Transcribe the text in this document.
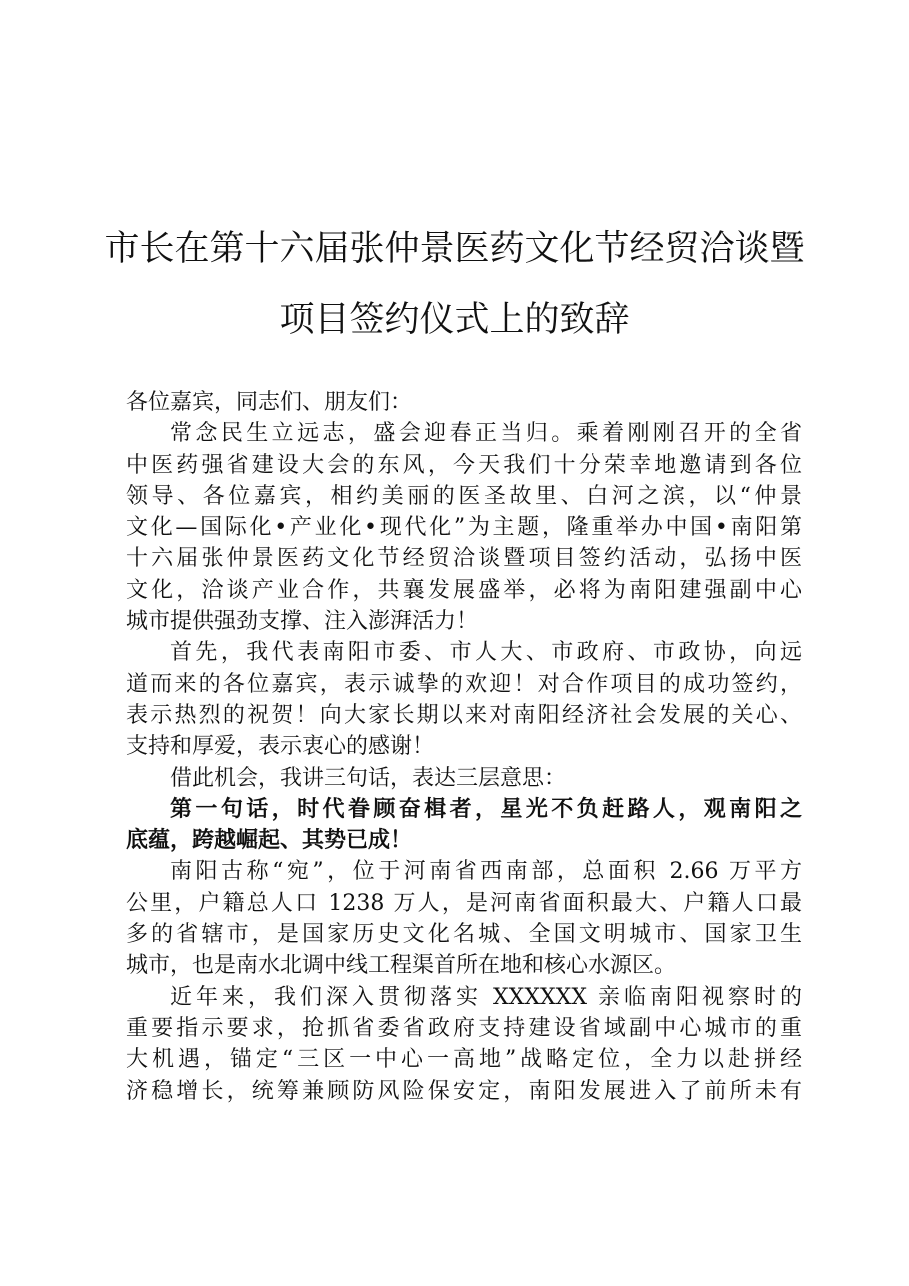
市长在第十六届张仲景医药文化节经贸洽谈暨
项目签约仪式上的致辞
各位嘉宾，同志们、朋友们：
常念民生立远志，盛会迎春正当归。乘着刚刚召开的全省
中医药强省建设大会的东风，今天我们十分荣幸地邀请到各位
领导、各位嘉宾，相约美丽的医圣故里、白河之滨，以“仲景
文化—国际化•产业化•现代化”为主题，隆重举办中国•南阳第
十六届张仲景医药文化节经贸洽谈暨项目签约活动，弘扬中医
文化，洽谈产业合作，共襄发展盛举，必将为南阳建强副中心
城市提供强劲支撑、注入澎湃活力！
首先，我代表南阳市委、市人大、市政府、市政协，向远
道而来的各位嘉宾，表示诚挚的欢迎！对合作项目的成功签约，
表示热烈的祝贺！向大家长期以来对南阳经济社会发展的关心、
支持和厚爱，表示衷心的感谢！
借此机会，我讲三句话，表达三层意思：
第一句话，时代眷顾奋楫者，星光不负赶路人，观南阳之
底蕴，跨越崛起、其势已成！
南阳古称“宛”，位于河南省西南部，总面积 2.66 万平方
公里，户籍总人口 1238 万人，是河南省面积最大、户籍人口最
多的省辖市，是国家历史文化名城、全国文明城市、国家卫生
城市，也是南水北调中线工程渠首所在地和核心水源区。
近年来，我们深入贯彻落实 XXXXXX 亲临南阳视察时的
重要指示要求，抢抓省委省政府支持建设省域副中心城市的重
大机遇，锚定“三区一中心一高地”战略定位，全力以赴拼经
济稳增长，统筹兼顾防风险保安定，南阳发展进入了前所未有
